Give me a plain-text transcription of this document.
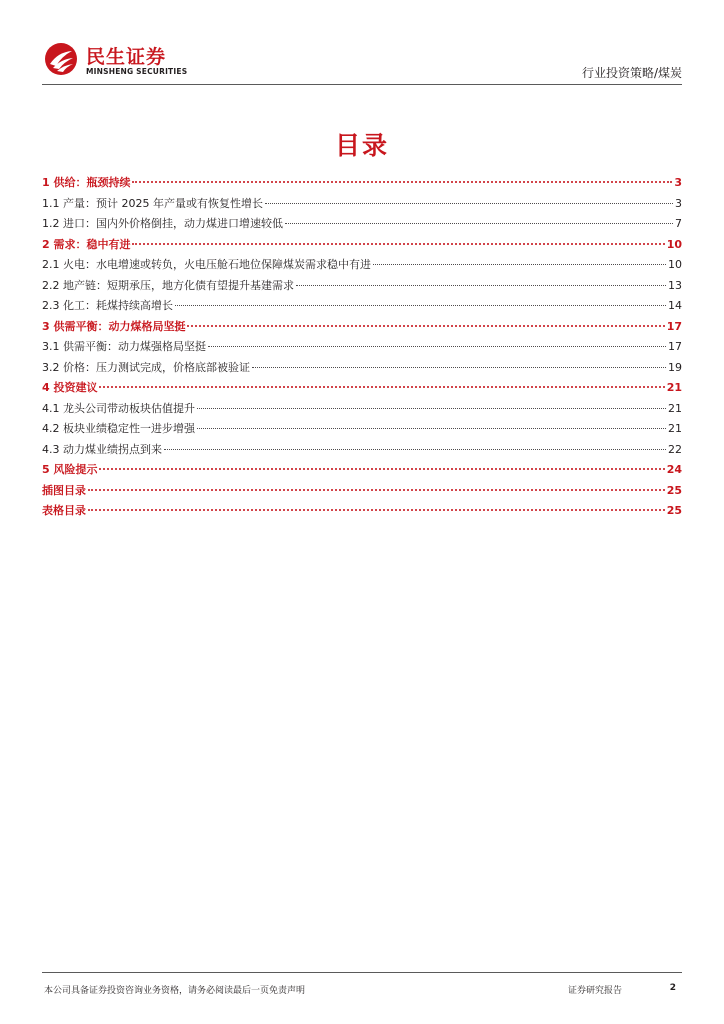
民生证券
MINSHENG SECURITIES	行业投资策略/煤炭
目录
1 供给：瓶颈持续	3
1.1 产量：预计 2025 年产量或有恢复性增长	3
1.2 进口：国内外价格倒挂，动力煤进口增速较低	7
2 需求：稳中有进	10
2.1 火电：水电增速或转负，火电压舱石地位保障煤炭需求稳中有进	10
2.2 地产链：短期承压，地方化债有望提升基建需求	13
2.3 化工：耗煤持续高增长	14
3 供需平衡：动力煤格局坚挺	17
3.1 供需平衡：动力煤强格局坚挺	17
3.2 价格：压力测试完成，价格底部被验证	19
4 投资建议	21
4.1 龙头公司带动板块估值提升	21
4.2 板块业绩稳定性一进步增强	21
4.3 动力煤业绩拐点到来	22
5 风险提示	24
插图目录	25
表格目录	25
本公司具备证券投资咨询业务资格，请务必阅读最后一页免责声明	证券研究报告	2
